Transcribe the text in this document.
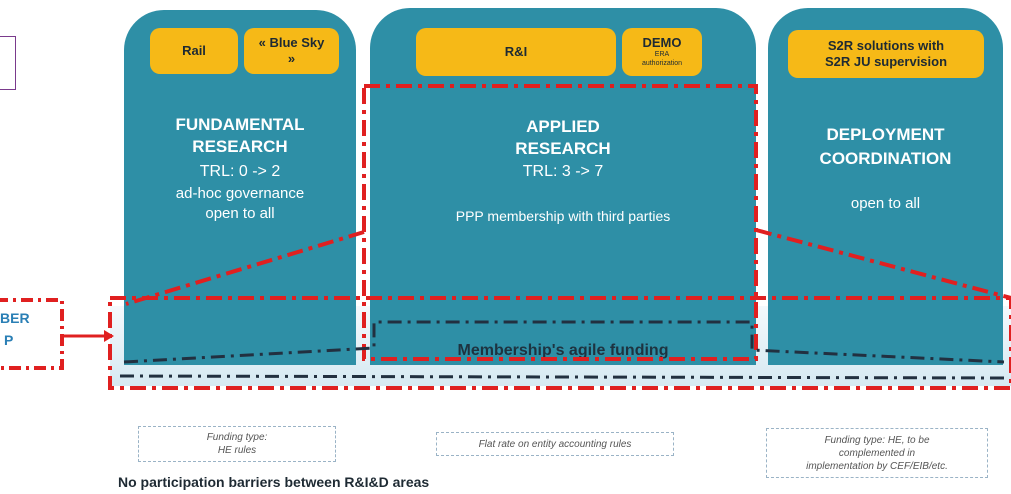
Rail
« Blue Sky »
FUNDAMENTAL
RESEARCH
TRL: 0 -> 2
ad-hoc governance
open to all
R&I
DEMO
ERA
authorization
APPLIED
RESEARCH
TRL: 3 -> 7
PPP membership with third parties
S2R solutions with
S2R JU supervision
DEPLOYMENT
COORDINATION
open to all
Membership's agile funding
BER
P
Funding type:
HE rules
Flat rate on entity accounting rules	Funding type: HE, to be
complemented in
implementation by CEF/EIB/etc.
No participation barriers between R&I&D areas
